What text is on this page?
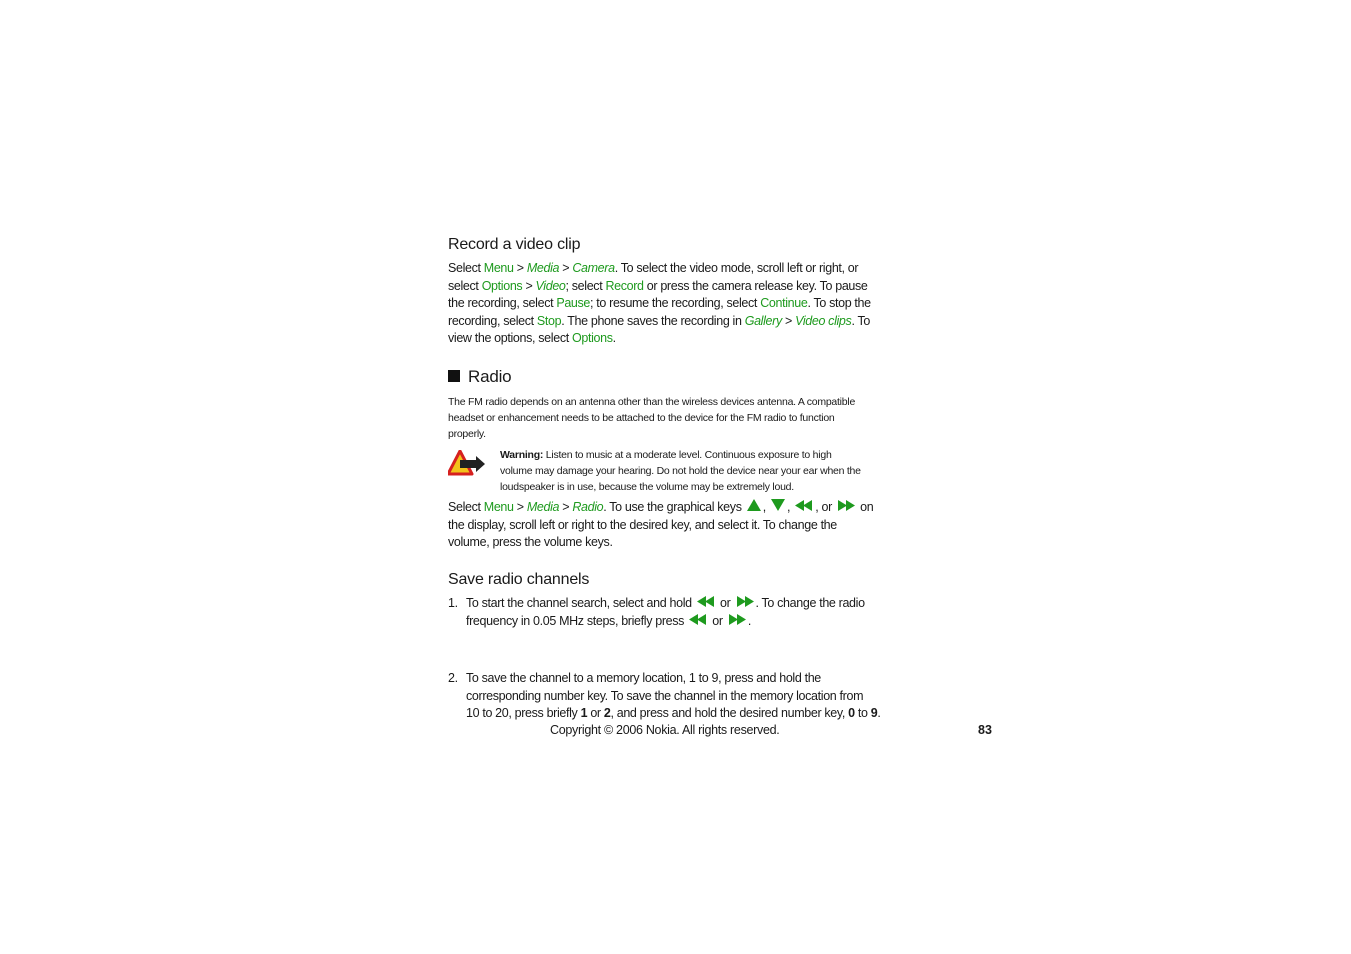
Record a video clip
Select Menu > Media > Camera. To select the video mode, scroll left or right, or
select Options > Video; select Record or press the camera release key. To pause
the recording, select Pause; to resume the recording, select Continue. To stop the
recording, select Stop. The phone saves the recording in Gallery > Video clips. To
view the options, select Options.
Radio
The FM radio depends on an antenna other than the wireless devices antenna. A compatible
headset or enhancement needs to be attached to the device for the FM radio to function
properly.
Warning: Listen to music at a moderate level. Continuous exposure to high
volume may damage your hearing. Do not hold the device near your ear when the
loudspeaker is in use, because the volume may be extremely loud.
Select Menu > Media > Radio. To use the graphical keys , , , or  on
the display, scroll left or right to the desired key, and select it. To change the
volume, press the volume keys.
Save radio channels
1. To start the channel search, select and hold  or . To change the radio
frequency in 0.05 MHz steps, briefly press  or .
2. To save the channel to a memory location, 1 to 9, press and hold the
corresponding number key. To save the channel in the memory location from
10 to 20, press briefly 1 or 2, and press and hold the desired number key, 0 to 9.
Copyright © 2006 Nokia. All rights reserved.	83
